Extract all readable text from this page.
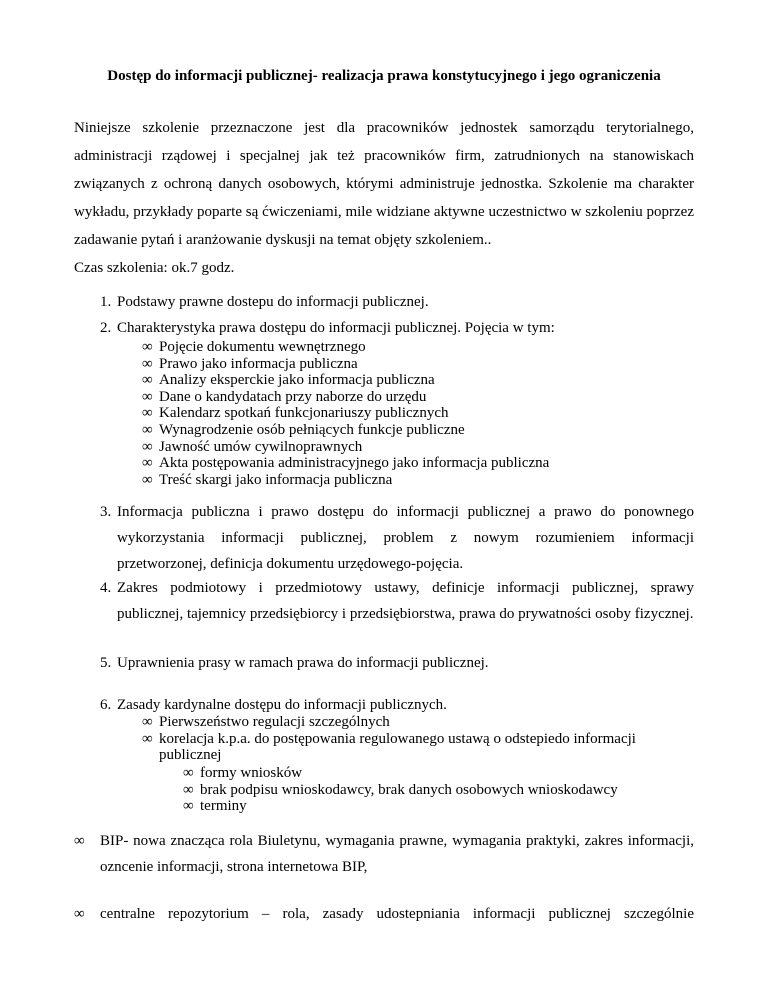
Dostęp do informacji publicznej- realizacja prawa konstytucyjnego i jego ograniczenia

Niniejsze szkolenie przeznaczone jest dla pracowników jednostek samorządu terytorialnego, administracji rządowej i specjalnej jak też pracowników firm, zatrudnionych na stanowiskach związanych z ochroną danych osobowych, którymi administruje jednostka. Szkolenie ma charakter wykładu, przykłady poparte są ćwiczeniami, mile widziane aktywne uczestnictwo w szkoleniu poprzez zadawanie pytań i aranżowanie dyskusji na temat objęty szkoleniem..

Czas szkolenia: ok.7 godz.

1. Podstawy prawne dostepu do informacji publicznej.
2. Charakterystyka prawa dostępu do informacji publicznej. Pojęcia w tym:
∞ Pojęcie dokumentu wewnętrznego
∞ Prawo jako informacja publiczna
∞ Analizy eksperckie jako informacja publiczna
∞ Dane o kandydatach przy naborze do urzędu
∞ Kalendarz spotkań funkcjonariuszy publicznych
∞ Wynagrodzenie osób pełniących funkcje publiczne
∞ Jawność umów cywilnoprawnych
∞ Akta postępowania administracyjnego jako informacja publiczna
∞ Treść skargi jako informacja publiczna
3. Informacja publiczna i prawo dostępu do informacji publicznej a prawo do ponownego wykorzystania informacji publicznej, problem z nowym rozumieniem informacji przetworzonej, definicja dokumentu urzędowego-pojęcia.
4. Zakres podmiotowy i przedmiotowy ustawy, definicje informacji publicznej, sprawy publicznej, tajemnicy przedsiębiorcy i przedsiębiorstwa, prawa do prywatności osoby fizycznej.
5. Uprawnienia prasy w ramach prawa do informacji publicznej.
6. Zasady kardynalne dostępu do informacji publicznych.
∞ Pierwszeństwo regulacji szczególnych
∞ korelacja k.p.a. do postępowania regulowanego ustawą o odstepiedo informacji publicznej
∞ formy wniosków
∞ brak podpisu wnioskodawcy, brak danych osobowych wnioskodawcy
∞ terminy
∞ BIP- nowa znacząca rola Biuletynu, wymagania prawne, wymagania praktyki, zakres informacji, ozncenie informacji, strona internetowa BIP,
∞ centralne repozytorium – rola, zasady udostepniania informacji publicznej szczególnie
